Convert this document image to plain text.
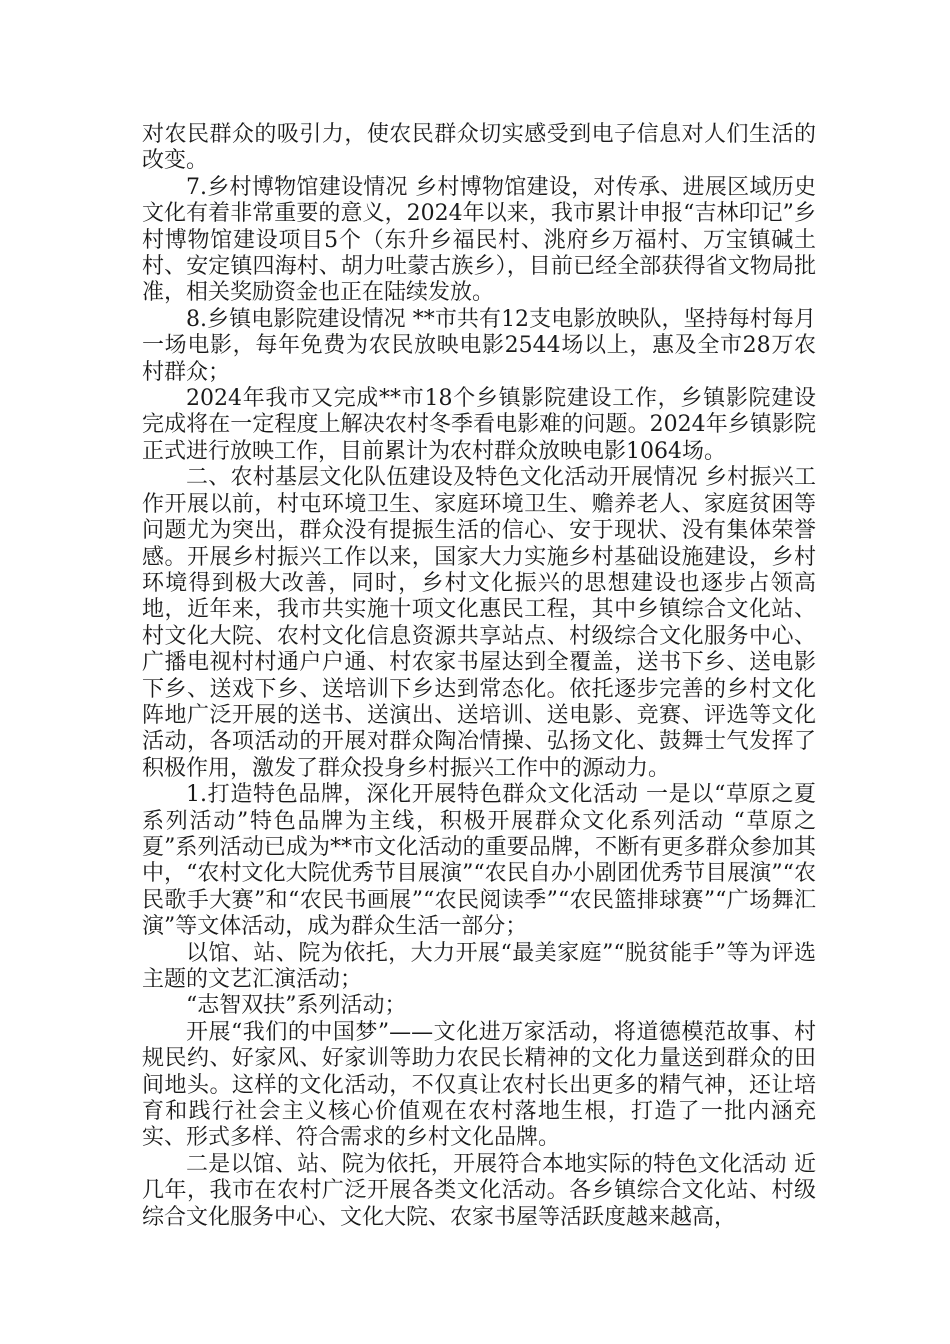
对农民群众的吸引力，使农民群众切实感受到电子信息对人们生活的改变。

7.乡村博物馆建设情况 乡村博物馆建设，对传承、进展区域历史文化有着非常重要的意义，2024年以来，我市累计申报“吉林印记”乡村博物馆建设项目5个（东升乡福民村、洮府乡万福村、万宝镇碱土村、安定镇四海村、胡力吐蒙古族乡），目前已经全部获得省文物局批准，相关奖励资金也正在陆续发放。

8.乡镇电影院建设情况 **市共有12支电影放映队，坚持每村每月一场电影，每年免费为农民放映电影2544场以上，惠及全市28万农村群众；

2024年我市又完成**市18个乡镇影院建设工作，乡镇影院建设完成将在一定程度上解决农村冬季看电影难的问题。2024年乡镇影院正式进行放映工作，目前累计为农村群众放映电影1064场。

二、农村基层文化队伍建设及特色文化活动开展情况 乡村振兴工作开展以前，村屯环境卫生、家庭环境卫生、赡养老人、家庭贫困等问题尤为突出，群众没有提振生活的信心、安于现状、没有集体荣誉感。开展乡村振兴工作以来，国家大力实施乡村基础设施建设，乡村环境得到极大改善，同时，乡村文化振兴的思想建设也逐步占领高地，近年来，我市共实施十项文化惠民工程，其中乡镇综合文化站、村文化大院、农村文化信息资源共享站点、村级综合文化服务中心、广播电视村村通户户通、村农家书屋达到全覆盖，送书下乡、送电影下乡、送戏下乡、送培训下乡达到常态化。依托逐步完善的乡村文化阵地广泛开展的送书、送演出、送培训、送电影、竞赛、评选等文化活动，各项活动的开展对群众陶冶情操、弘扬文化、鼓舞士气发挥了积极作用，激发了群众投身乡村振兴工作中的源动力。

1.打造特色品牌，深化开展特色群众文化活动 一是以“草原之夏系列活动”特色品牌为主线，积极开展群众文化系列活动 “草原之夏”系列活动已成为**市文化活动的重要品牌，不断有更多群众参加其中，“农村文化大院优秀节目展演”“农民自办小剧团优秀节目展演”“农民歌手大赛”和“农民书画展”“农民阅读季”“农民篮排球赛”“广场舞汇演”等文体活动，成为群众生活一部分；

以馆、站、院为依托，大力开展“最美家庭”“脱贫能手”等为评选主题的文艺汇演活动；

“志智双扶”系列活动；

开展“我们的中国梦”——文化进万家活动，将道德模范故事、村规民约、好家风、好家训等助力农民长精神的文化力量送到群众的田间地头。这样的文化活动，不仅真让农村长出更多的精气神，还让培育和践行社会主义核心价值观在农村落地生根，打造了一批内涵充实、形式多样、符合需求的乡村文化品牌。

二是以馆、站、院为依托，开展符合本地实际的特色文化活动 近几年，我市在农村广泛开展各类文化活动。各乡镇综合文化站、村级综合文化服务中心、文化大院、农家书屋等活跃度越来越高，
